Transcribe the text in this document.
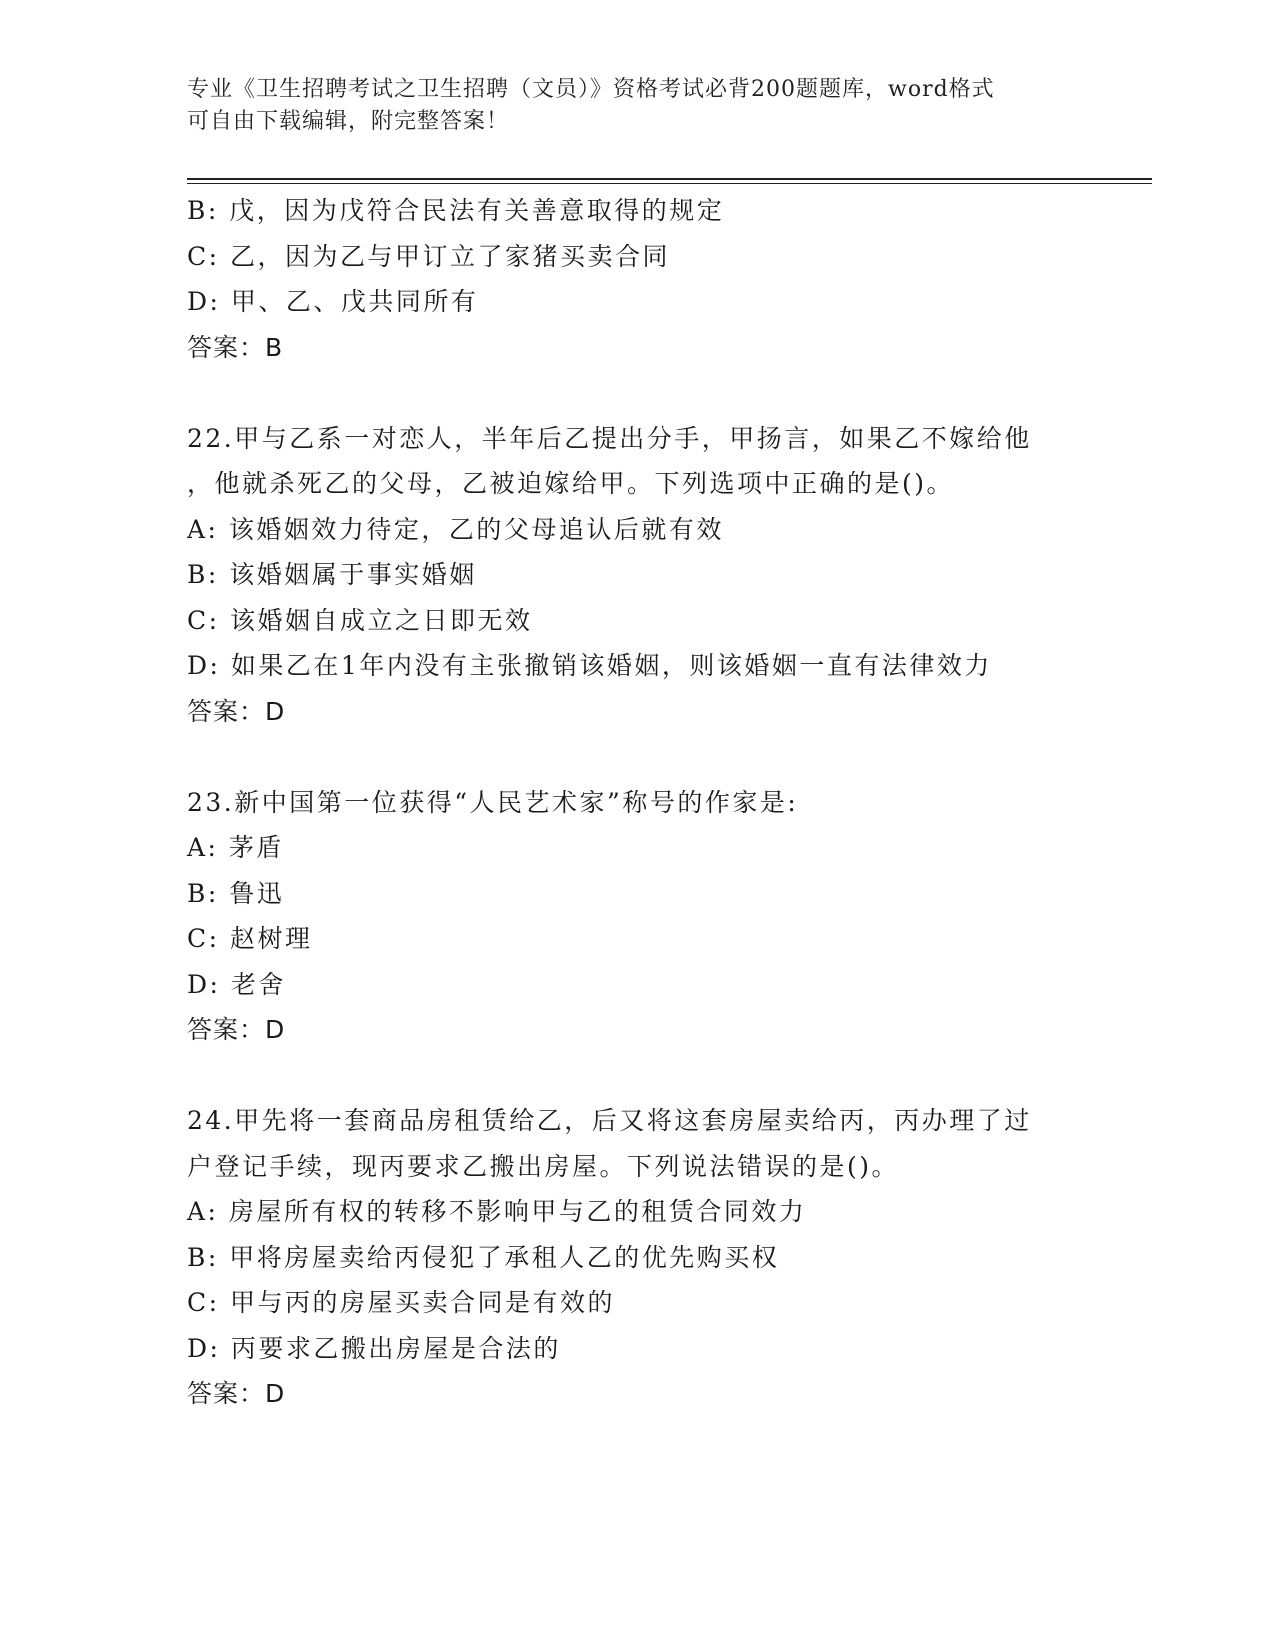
专业《卫生招聘考试之卫生招聘（文员）》资格考试必背200题题库，word格式
可自由下载编辑，附完整答案！
B: 戊，因为戊符合民法有关善意取得的规定
C: 乙，因为乙与甲订立了家猪买卖合同
D: 甲、乙、戊共同所有
答案：B
22.甲与乙系一对恋人，半年后乙提出分手，甲扬言，如果乙不嫁给他
，他就杀死乙的父母，乙被迫嫁给甲。下列选项中正确的是()。
A: 该婚姻效力待定，乙的父母追认后就有效
B: 该婚姻属于事实婚姻
C: 该婚姻自成立之日即无效
D: 如果乙在1年内没有主张撤销该婚姻，则该婚姻一直有法律效力
答案：D
23.新中国第一位获得“人民艺术家”称号的作家是:
A: 茅盾
B: 鲁迅
C: 赵树理
D: 老舍
答案：D
24.甲先将一套商品房租赁给乙，后又将这套房屋卖给丙，丙办理了过
户登记手续，现丙要求乙搬出房屋。下列说法错误的是()。
A: 房屋所有权的转移不影响甲与乙的租赁合同效力
B: 甲将房屋卖给丙侵犯了承租人乙的优先购买权
C: 甲与丙的房屋买卖合同是有效的
D: 丙要求乙搬出房屋是合法的
答案：D
